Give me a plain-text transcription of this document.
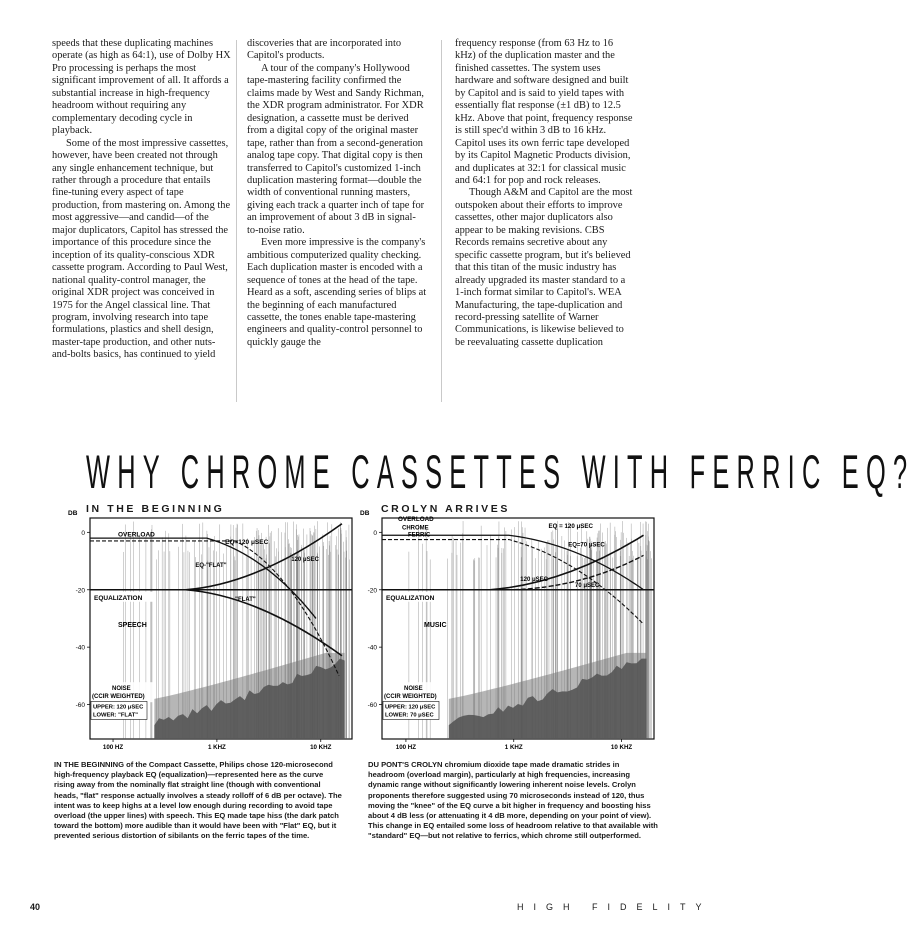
speeds that these duplicating machines operate (as high as 64:1), use of Dolby HX Pro processing is perhaps the most significant improvement of all. It affords a substantial increase in high-frequency headroom without requiring any complementary decoding cycle in playback.

Some of the most impressive cassettes, however, have been created not through any single enhancement technique, but rather through a procedure that entails fine-tuning every aspect of tape production, from mastering on. Among the most aggressive—and candid—of the major duplicators, Capitol has stressed the importance of this procedure since the inception of its quality-conscious XDR cassette program. According to Paul West, national quality-control manager, the original XDR project was conceived in 1975 for the Angel classical line. That program, involving research into tape formulations, plastics and shell design, master-tape production, and other nuts-and-bolts basics, has continued to yield

discoveries that are incorporated into Capitol's products.

A tour of the company's Hollywood tape-mastering facility confirmed the claims made by West and Sandy Richman, the XDR program administrator. For XDR designation, a cassette must be derived from a digital copy of the original master tape, rather than from a second-generation analog tape copy. That digital copy is then transferred to Capitol's customized 1-inch duplication mastering format—double the width of conventional running masters, giving each track a quarter inch of tape for an improvement of about 3 dB in signal-to-noise ratio.

Even more impressive is the company's ambitious computerized quality checking. Each duplication master is encoded with a sequence of tones at the head of the tape. Heard as a soft, ascending series of blips at the beginning of each manufactured cassette, the tones enable tape-mastering engineers and quality-control personnel to quickly gauge the

frequency response (from 63 Hz to 16 kHz) of the duplication master and the finished cassettes. The system uses hardware and software designed and built by Capitol and is said to yield tapes with essentially flat response (±1 dB) to 12.5 kHz. Above that point, frequency response is still spec'd within 3 dB to 16 kHz. Capitol uses its own ferric tape developed by its Capitol Magnetic Products division, and duplicates at 32:1 for classical music and 64:1 for pop and rock releases.

Though A&M and Capitol are the most outspoken about their efforts to improve cassettes, other major duplicators also appear to be making revisions. CBS Records remains secretive about any specific cassette program, but it's believed that this titan of the music industry has already upgraded its master standard to a 1-inch format similar to Capitol's. WEA Manufacturing, the tape-duplication and record-pressing satellite of Warner Communications, is likewise believed to be reevaluating cassette duplication

WHY CHROME CASSETTES WITH FERRIC EQ?
IN THE BEGINNING	CROLYN ARRIVES
DB
0
-20
-40
-60
100 HZ	1 KHZ	10 KHZ
OVERLOAD
EQ=120 μSEC
EQ-"FLAT"
120 μSEC
"FLAT"
EQUALIZATION
SPEECH
NOISE
(CCIR WEIGHTED)
UPPER: 120 μSEC
LOWER: "FLAT"
DB
0
-20
-40
-60
100 HZ	1 KHZ	10 KHZ
OVERLOAD
CHROME
FERRIC
EQ = 120 μSEC
EQ=70 μSEC
120 μSEC
70 μSEC
EQUALIZATION
MUSIC
NOISE
(CCIR WEIGHTED)
UPPER: 120 μSEC
LOWER: 70 μSEC
IN THE BEGINNING of the Compact Cassette, Philips chose 120-microsecond high-frequency playback EQ (equalization)—represented here as the curve rising away from the nominally flat straight line (though with conventional heads, "flat" response actually involves a steady rolloff of 6 dB per octave). The intent was to keep highs at a level low enough during recording to avoid tape overload (the upper lines) with speech. This EQ made tape hiss (the dark patch toward the bottom) more audible than it would have been with "Flat" EQ, but it prevented serious distortion of sibilants on the ferric tapes of the time.
DU PONT'S CROLYN chromium dioxide tape made dramatic strides in headroom (overload margin), particularly at high frequencies, increasing dynamic range without significantly lowering inherent noise levels. Crolyn proponents therefore suggested using 70 microseconds instead of 120, thus moving the "knee" of the EQ curve a bit higher in frequency and boosting hiss about 4 dB less (or attenuating it 4 dB more, depending on your point of view). This change in EQ entailed some loss of headroom relative to that available with "standard" EQ—but not relative to ferrics, which chrome still outperformed.
40	HIGH FIDELITY
